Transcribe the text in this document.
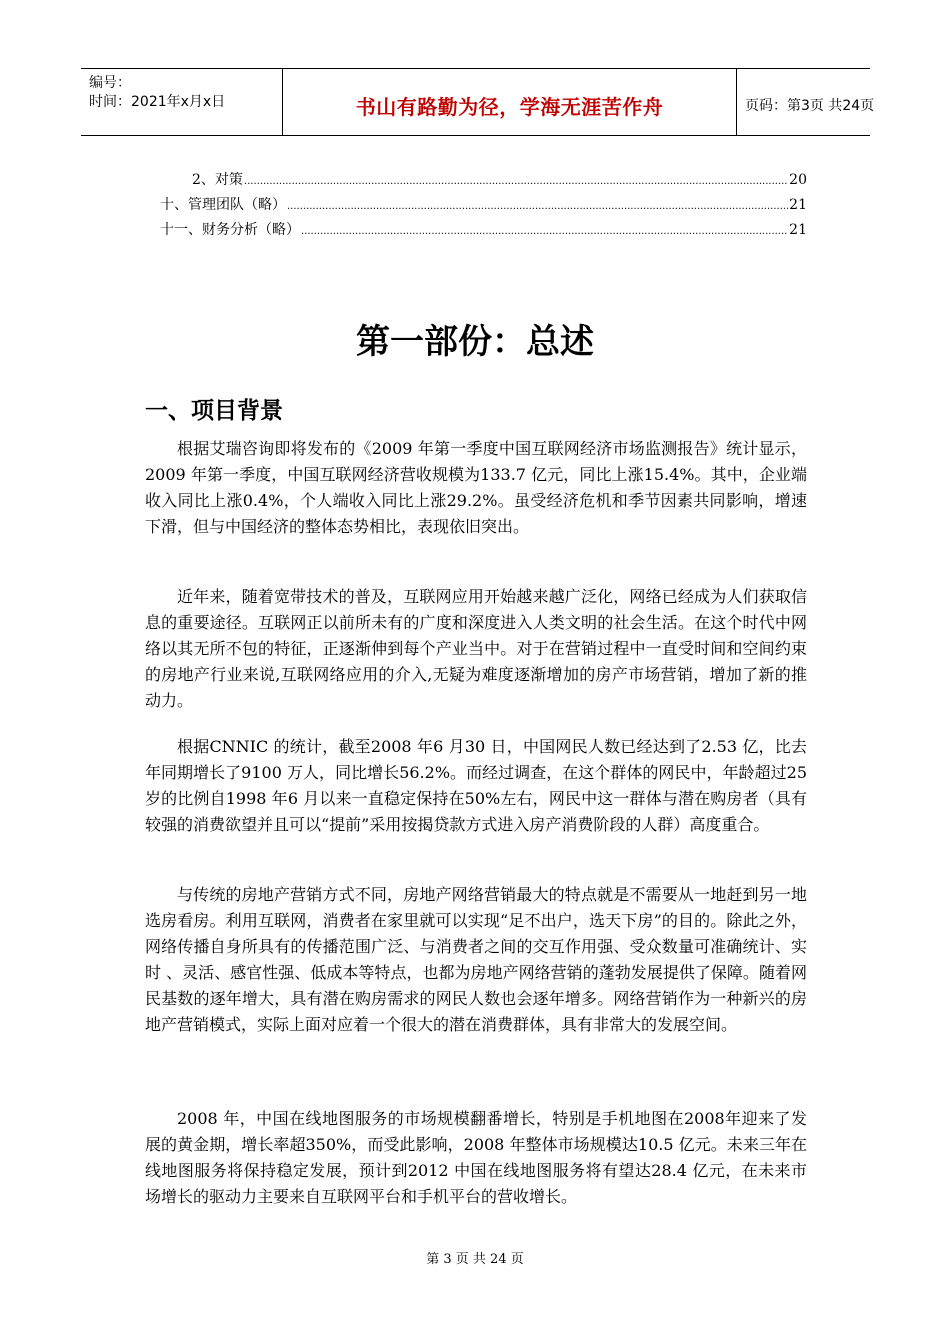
编号：
时间：2021年x月x日	书山有路勤为径，学海无涯苦作舟	页码：第3页 共24页
2、对策 .....	20
十、管理团队（略） .....	21
十一、财务分析（略） .....	21
第一部份：总述
一、项目背景

根据艾瑞咨询即将发布的《2009 年第一季度中国互联网经济市场监测报告》统计显示，2009 年第一季度，中国互联网经济营收规模为133.7 亿元，同比上涨15.4%。其中，企业端收入同比上涨0.4%，个人端收入同比上涨29.2%。虽受经济危机和季节因素共同影响，增速下滑，但与中国经济的整体态势相比，表现依旧突出。

近年来，随着宽带技术的普及，互联网应用开始越来越广泛化，网络已经成为人们获取信息的重要途径。互联网正以前所未有的广度和深度进入人类文明的社会生活。在这个时代中网络以其无所不包的特征，正逐渐伸到每个产业当中。对于在营销过程中一直受时间和空间约束的房地产行业来说,互联网络应用的介入,无疑为难度逐渐增加的房产市场营销，增加了新的推动力。

根据CNNIC 的统计，截至2008 年6 月30 日，中国网民人数已经达到了2.53 亿，比去年同期增长了9100 万人，同比增长56.2%。而经过调查，在这个群体的网民中，年龄超过25岁的比例自1998 年6 月以来一直稳定保持在50%左右，网民中这一群体与潜在购房者（具有较强的消费欲望并且可以“提前”采用按揭贷款方式进入房产消费阶段的人群）高度重合。

与传统的房地产营销方式不同，房地产网络营销最大的特点就是不需要从一地赶到另一地选房看房。利用互联网，消费者在家里就可以实现“足不出户，选天下房”的目的。除此之外，网络传播自身所具有的传播范围广泛、与消费者之间的交互作用强、受众数量可准确统计、实时 、灵活、感官性强、低成本等特点，也都为房地产网络营销的蓬勃发展提供了保障。随着网民基数的逐年增大，具有潜在购房需求的网民人数也会逐年增多。网络营销作为一种新兴的房地产营销模式，实际上面对应着一个很大的潜在消费群体，具有非常大的发展空间。

2008 年，中国在线地图服务的市场规模翻番增长，特别是手机地图在2008年迎来了发展的黄金期，增长率超350%，而受此影响，2008 年整体市场规模达10.5 亿元。未来三年在线地图服务将保持稳定发展，预计到2012 中国在线地图服务将有望达28.4 亿元，在未来市场增长的驱动力主要来自互联网平台和手机平台的营收增长。

第 3 页 共 24 页
